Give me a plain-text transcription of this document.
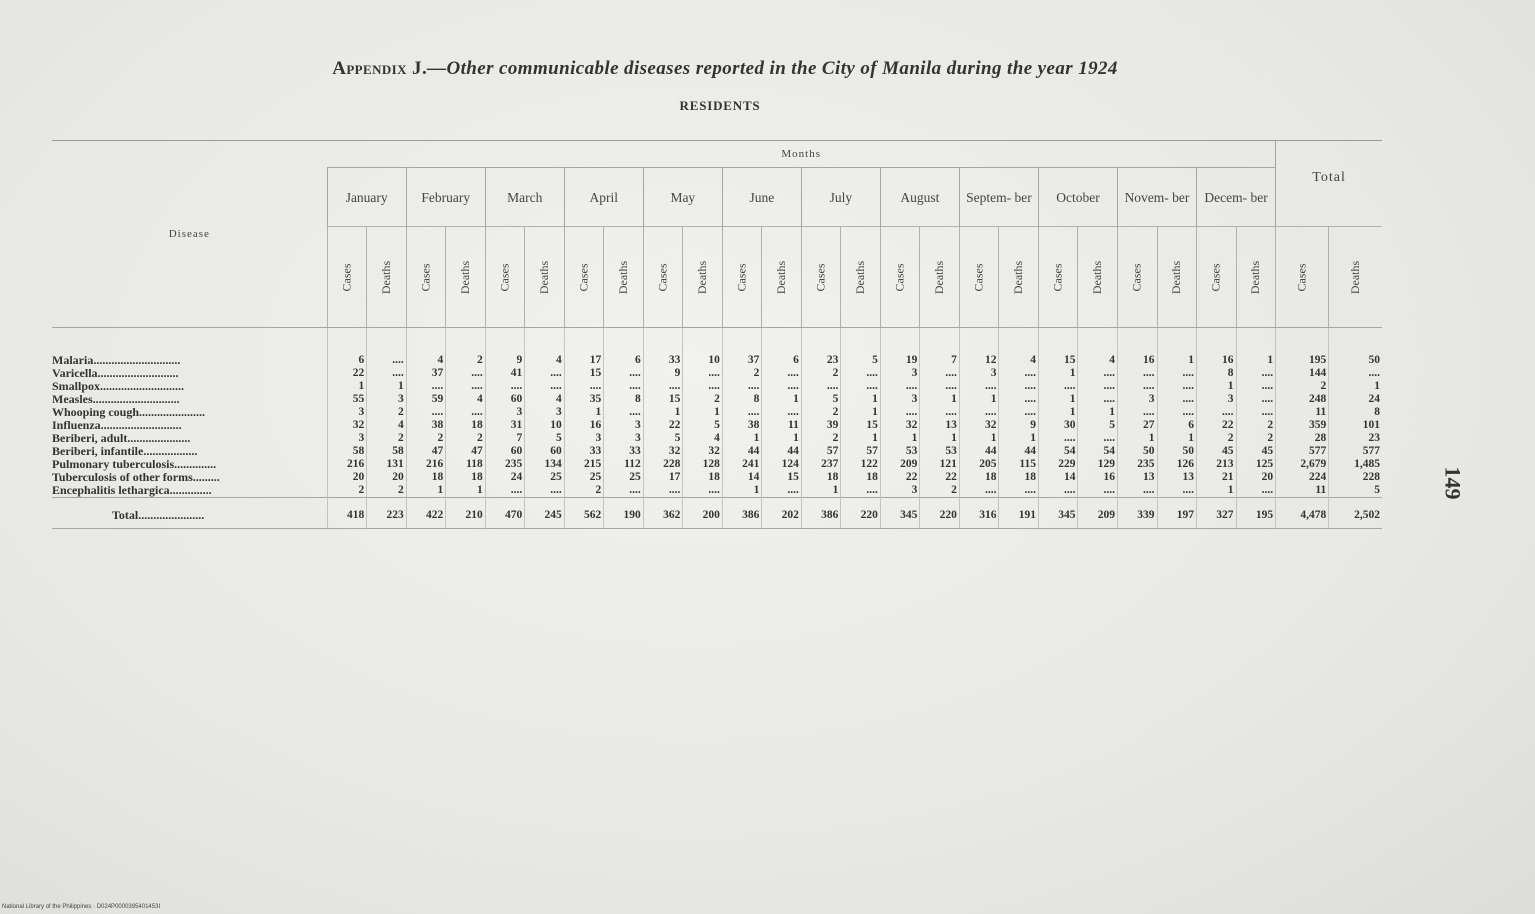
Appendix J.—Other communicable diseases reported in the City of Manila during the year 1924
RESIDENTS
Disease	Months																								Total	
	January		February		March		April		May		June		July		August		Septem- ber		October		Novem- ber		Decem- ber			
	Cases	Deaths	Cases	Deaths	Cases	Deaths	Cases	Deaths	Cases	Deaths	Cases	Deaths	Cases	Deaths	Cases	Deaths	Cases	Deaths	Cases	Deaths	Cases	Deaths	Cases	Deaths	Cases	Deaths
Malaria.............................	6	....	4	2	9	4	17	6	33	10	37	6	23	5	19	7	12	4	15	4	16	1	16	1	195	50
Varicella...........................	22	....	37	....	41	....	15	....	9	....	2	....	2	....	3	....	3	....	1	....	....	....	8	....	144	....
Smallpox............................	1	1	....	....	....	....	....	....	....	....	....	....	....	....	....	....	....	....	....	....	....	....	1	....	2	1
Measles.............................	55	3	59	4	60	4	35	8	15	2	8	1	5	1	3	1	1	....	1	....	3	....	3	....	248	24
Whooping cough......................	3	2	....	....	3	3	1	....	1	1	....	....	2	1	....	....	....	....	1	1	....	....	....	....	11	8
Influenza...........................	32	4	38	18	31	10	16	3	22	5	38	11	39	15	32	13	32	9	30	5	27	6	22	2	359	101
Beriberi, adult.....................	3	2	2	2	7	5	3	3	5	4	1	1	2	1	1	1	1	1	....	....	1	1	2	2	28	23
Beriberi, infantile..................	58	58	47	47	60	60	33	33	32	32	44	44	57	57	53	53	44	44	54	54	50	50	45	45	577	577
Pulmonary tuberculosis..............	216	131	216	118	235	134	215	112	228	128	241	124	237	122	209	121	205	115	229	129	235	126	213	125	2,679	1,485
Tuberculosis of other forms.........	20	20	18	18	24	25	25	25	17	18	14	15	18	18	22	22	18	18	14	16	13	13	21	20	224	228
Encephalitis lethargica..............	2	2	1	1	....	....	2	....	....	....	1	....	1	....	3	2	....	....	....	....	....	....	1	....	11	5
Total......................	418	223	422	210	470	245	562	190	362	200	386	202	386	220	345	220	316	191	345	209	339	197	327	195	4,478	2,502
149
National Library of the Philippines · D024P0000395401453I
